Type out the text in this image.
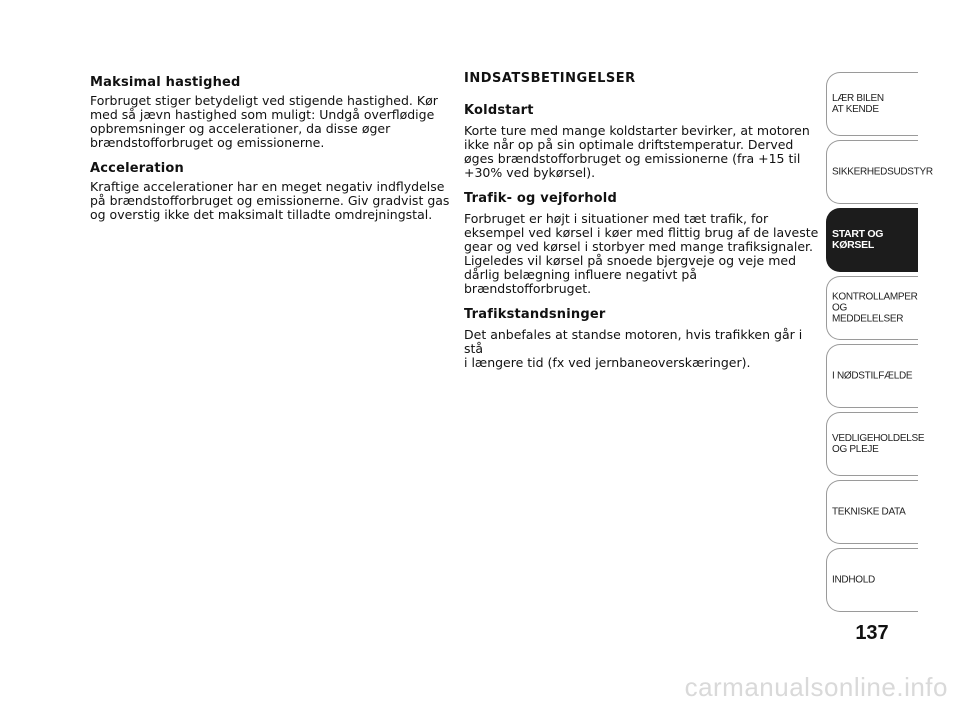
Maksimal hastighed

Forbruget stiger betydeligt ved stigende hastighed. Kør
med så jævn hastighed som muligt: Undgå overflødige
opbremsninger og accelerationer, da disse øger
brændstofforbruget og emissionerne.

Acceleration

Kraftige accelerationer har en meget negativ indflydelse
på brændstofforbruget og emissionerne. Giv gradvist gas
og overstig ikke det maksimalt tilladte omdrejningstal.

INDSATSBETINGELSER
Koldstart

Korte ture med mange koldstarter bevirker, at motoren
ikke når op på sin optimale driftstemperatur. Derved
øges brændstofforbruget og emissionerne (fra +15 til
+30% ved bykørsel).

Trafik- og vejforhold

Forbruget er højt i situationer med tæt trafik, for
eksempel ved kørsel i køer med flittig brug af de laveste
gear og ved kørsel i storbyer med mange trafiksignaler.
Ligeledes vil kørsel på snoede bjergveje og veje med
dårlig belægning influere negativt på brændstofforbruget.

Trafikstandsninger

Det anbefales at standse motoren, hvis trafikken går i stå
i længere tid (fx ved jernbaneoverskæringer).

LÆR BILEN
AT KENDE
SIKKERHEDSUDSTYR
START OG KØRSEL
KONTROLLAMPER
OG MEDDELELSER
I NØDSTILFÆLDE
VEDLIGEHOLDELSE
OG PLEJE
TEKNISKE DATA
INDHOLD
137
carmanualsonline.info
